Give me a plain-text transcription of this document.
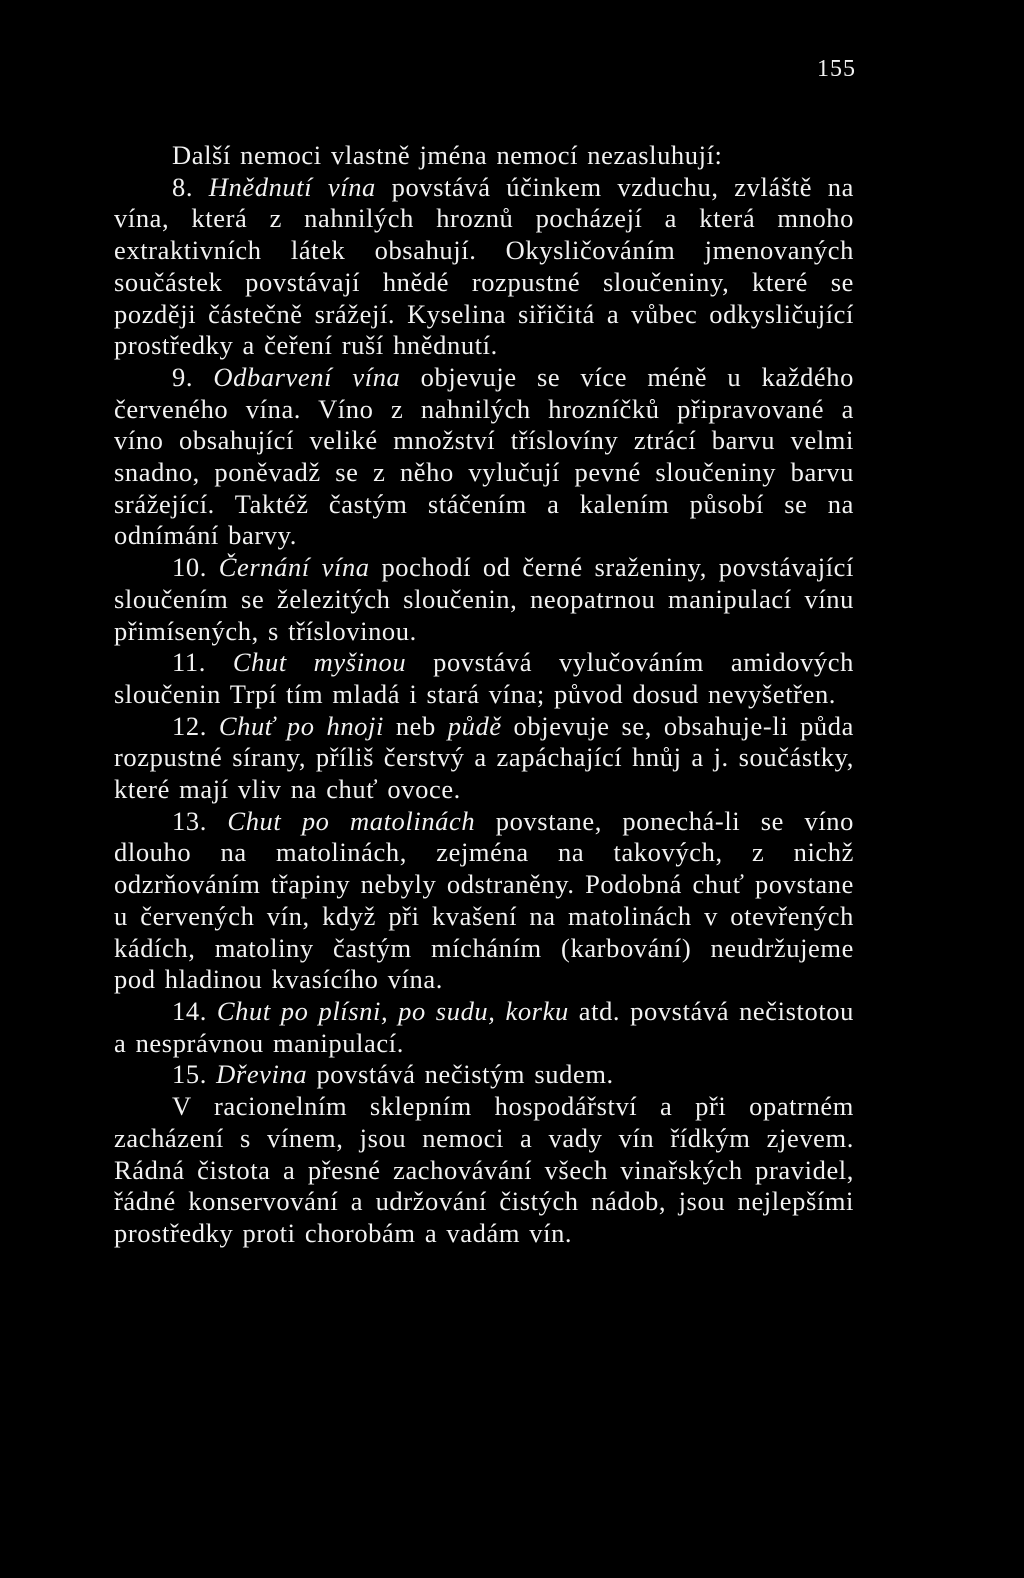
155

Další nemoci vlastně jména nemocí nezasluhují:

8. Hnědnutí vína povstává účinkem vzduchu, zvláště na vína, která z nahnilých hroznů pocházejí a která mnoho extraktivních látek obsahují. Okysličováním jmenovaných součástek povstávají hnědé rozpustné sloučeniny, které se později částečně srážejí. Kyselina siřičitá a vůbec odkysličující prostředky a čeření ruší hnědnutí.

9. Odbarvení vína objevuje se více méně u každého červeného vína. Víno z nahnilých hrozníčků připravované a víno obsahující veliké množství tříslovíny ztrácí barvu velmi snadno, poněvadž se z něho vylučují pevné sloučeniny barvu srážející. Taktéž častým stáčením a kalením působí se na odnímání barvy.

10. Černání vína pochodí od černé sraženiny, povstávající sloučením se železitých sloučenin, neopatrnou manipulací vínu přimísených, s tříslovinou.

11. Chut myšinou povstává vylučováním amidových sloučenin Trpí tím mladá i stará vína; původ dosud nevyšetřen.

12. Chuť po hnoji neb půdě objevuje se, obsahuje-li půda rozpustné sírany, příliš čerstvý a zapáchající hnůj a j. součástky, které mají vliv na chuť ovoce.

13. Chut po matolinách povstane, ponechá-li se víno dlouho na matolinách, zejména na takových, z nichž odzrňováním třapiny nebyly odstraněny. Podobná chuť povstane u červených vín, když při kvašení na matolinách v otevřených kádích, matoliny častým mícháním (karbování) neudržujeme pod hladinou kvasícího vína.

14. Chut po plísni, po sudu, korku atd. povstává nečistotou a nesprávnou manipulací.

15. Dřevina povstává nečistým sudem.

V racionelním sklepním hospodářství a při opatrném zacházení s vínem, jsou nemoci a vady vín řídkým zjevem. Rádná čistota a přesné zachovávání všech vinařských pravidel, řádné konservování a udržování čistých nádob, jsou nejlepšími prostředky proti chorobám a vadám vín.
